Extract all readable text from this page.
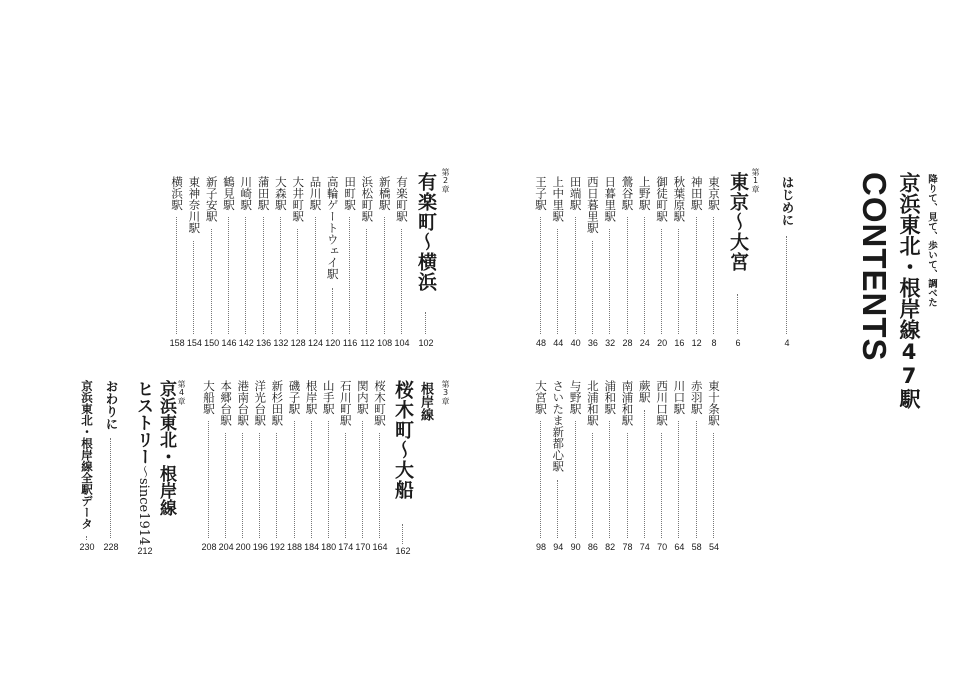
降りて、見て、歩いて、調べた
京浜東北・根岸線47駅
CONTENTS
はじめに
4
第1章
東京〜大宮
6
東京駅
8
神田駅
12
秋葉原駅
16
御徒町駅
20
上野駅
24
鶯谷駅
28
日暮里駅
32
西日暮里駅
36
田端駅
40
上中里駅
44
王子駅
48
東十条駅
54
赤羽駅
58
川口駅
64
西川口駅
70
蕨駅
74
南浦和駅
78
浦和駅
82
北浦和駅
86
与野駅
90
さいたま新都心駅
94
大宮駅
98
第2章
有楽町〜横浜
102
有楽町駅
104
新橋駅
108
浜松町駅
112
田町駅
116
高輪ゲートウェイ駅
120
品川駅
124
大井町駅
128
大森駅
132
蒲田駅
136
川崎駅
142
鶴見駅
146
新子安駅
150
東神奈川駅
154
横浜駅
158
第3章
根岸線
桜木町〜大船
162
桜木町駅
164
関内駅
170
石川町駅
174
山手駅
180
根岸駅
184
磯子駅
188
新杉田駅
192
洋光台駅
196
港南台駅
200
本郷台駅
204
大船駅
208
第4章
京浜東北・根岸線
ヒストリー〜since1914
212
おわりに
228
京浜東北・根岸線全駅データ
230
